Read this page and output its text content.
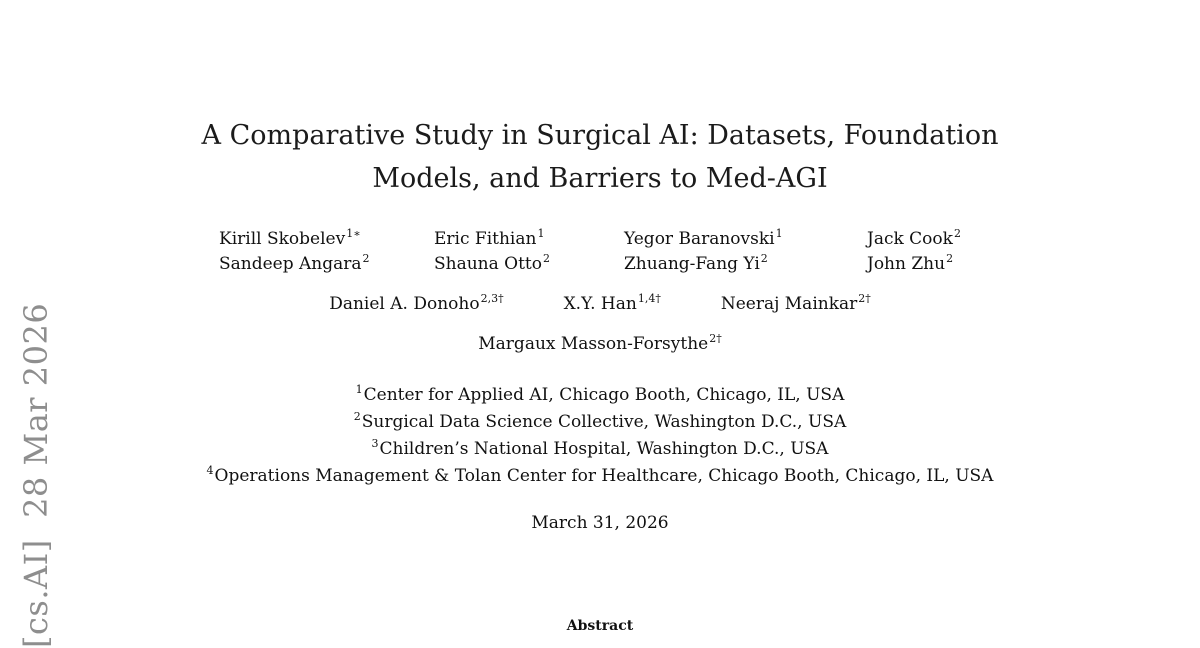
[cs.AI]  28 Mar 2026
A Comparative Study in Surgical AI: Datasets, Foundation
Models, and Barriers to Med-AGI
Kirill Skobelev$^{1∗}$	Eric Fithian$^1$	Yegor Baranovski$^1$	Jack Cook$^2$
Sandeep Angara$^2$	Shauna Otto$^2$	Zhuang-Fang Yi$^2$	John Zhu$^2$
Daniel A. Donoho$^{2,3\dagger}$	X.Y. Han$^{1,4\dagger}$	Neeraj Mainkar$^{2\dagger}$
Margaux Masson-Forsythe$^{2\dagger}$
$^1$Center for Applied AI, Chicago Booth, Chicago, IL, USA
$^2$Surgical Data Science Collective, Washington D.C., USA
$^3$Children’s National Hospital, Washington D.C., USA
$^4$Operations Management & Tolan Center for Healthcare, Chicago Booth, Chicago, IL, USA
March 31, 2026
Abstract
